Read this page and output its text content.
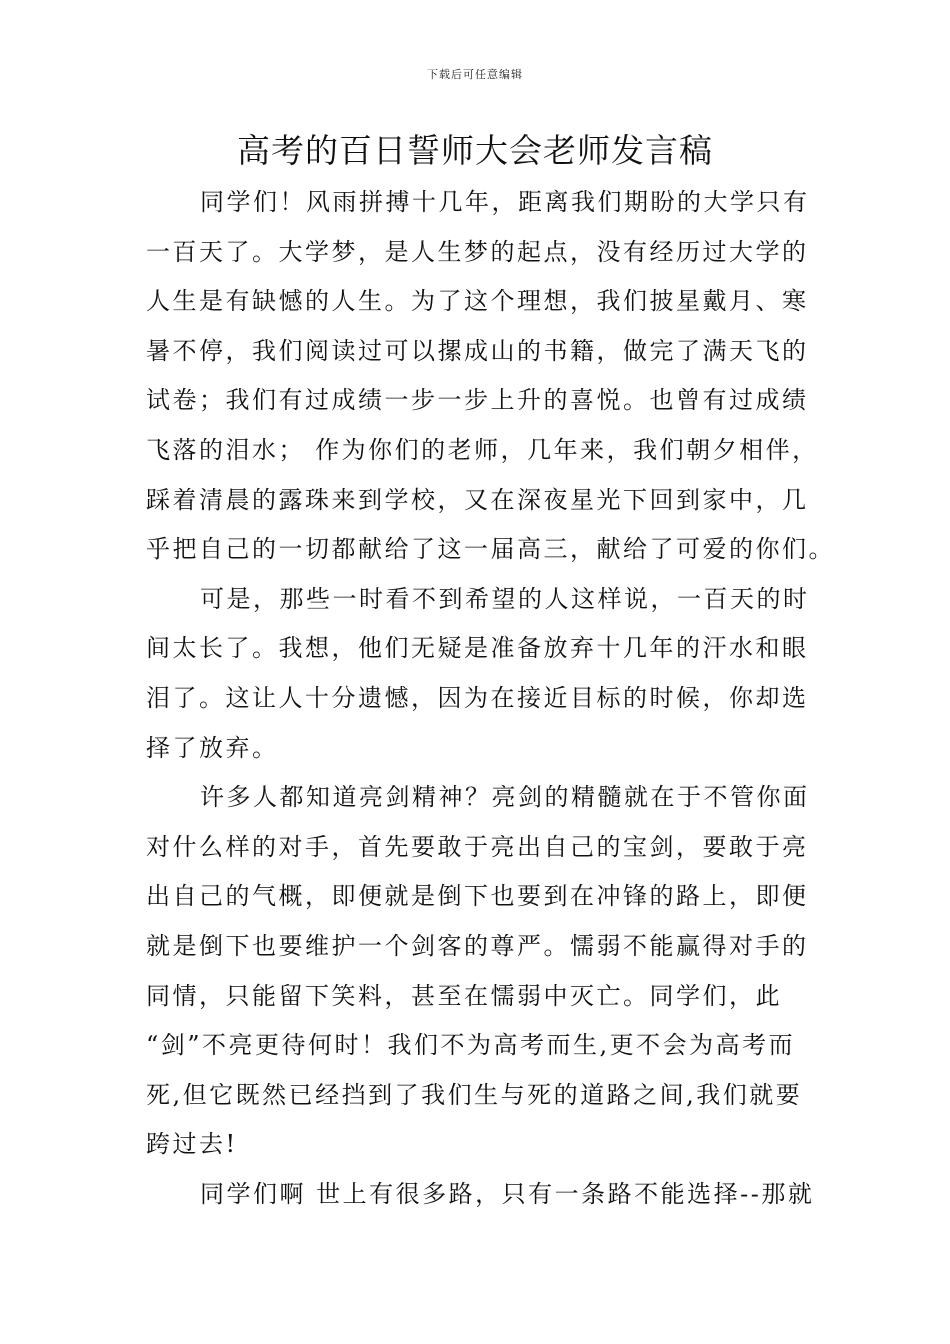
下载后可任意编辑
高考的百日誓师大会老师发言稿

同学们！风雨拼搏十几年，距离我们期盼的大学只有
一百天了。大学梦，是人生梦的起点，没有经历过大学的
人生是有缺憾的人生。为了这个理想，我们披星戴月、寒
暑不停，我们阅读过可以摞成山的书籍，做完了满天飞的
试卷；我们有过成绩一步一步上升的喜悦。也曾有过成绩
飞落的泪水； 作为你们的老师，几年来，我们朝夕相伴，
踩着清晨的露珠来到学校，又在深夜星光下回到家中，几
乎把自己的一切都献给了这一届高三，献给了可爱的你们。

可是，那些一时看不到希望的人这样说，一百天的时
间太长了。我想，他们无疑是准备放弃十几年的汗水和眼
泪了。这让人十分遗憾，因为在接近目标的时候，你却选
择了放弃。

许多人都知道亮剑精神？亮剑的精髓就在于不管你面
对什么样的对手，首先要敢于亮出自己的宝剑，要敢于亮
出自己的气概，即便就是倒下也要到在冲锋的路上，即便
就是倒下也要维护一个剑客的尊严。懦弱不能赢得对手的
同情，只能留下笑料，甚至在懦弱中灭亡。同学们，此
“剑”不亮更待何时！我们不为高考而生,更不会为高考而
死,但它既然已经挡到了我们生与死的道路之间,我们就要
跨过去!

同学们啊 世上有很多路，只有一条路不能选择--那就
